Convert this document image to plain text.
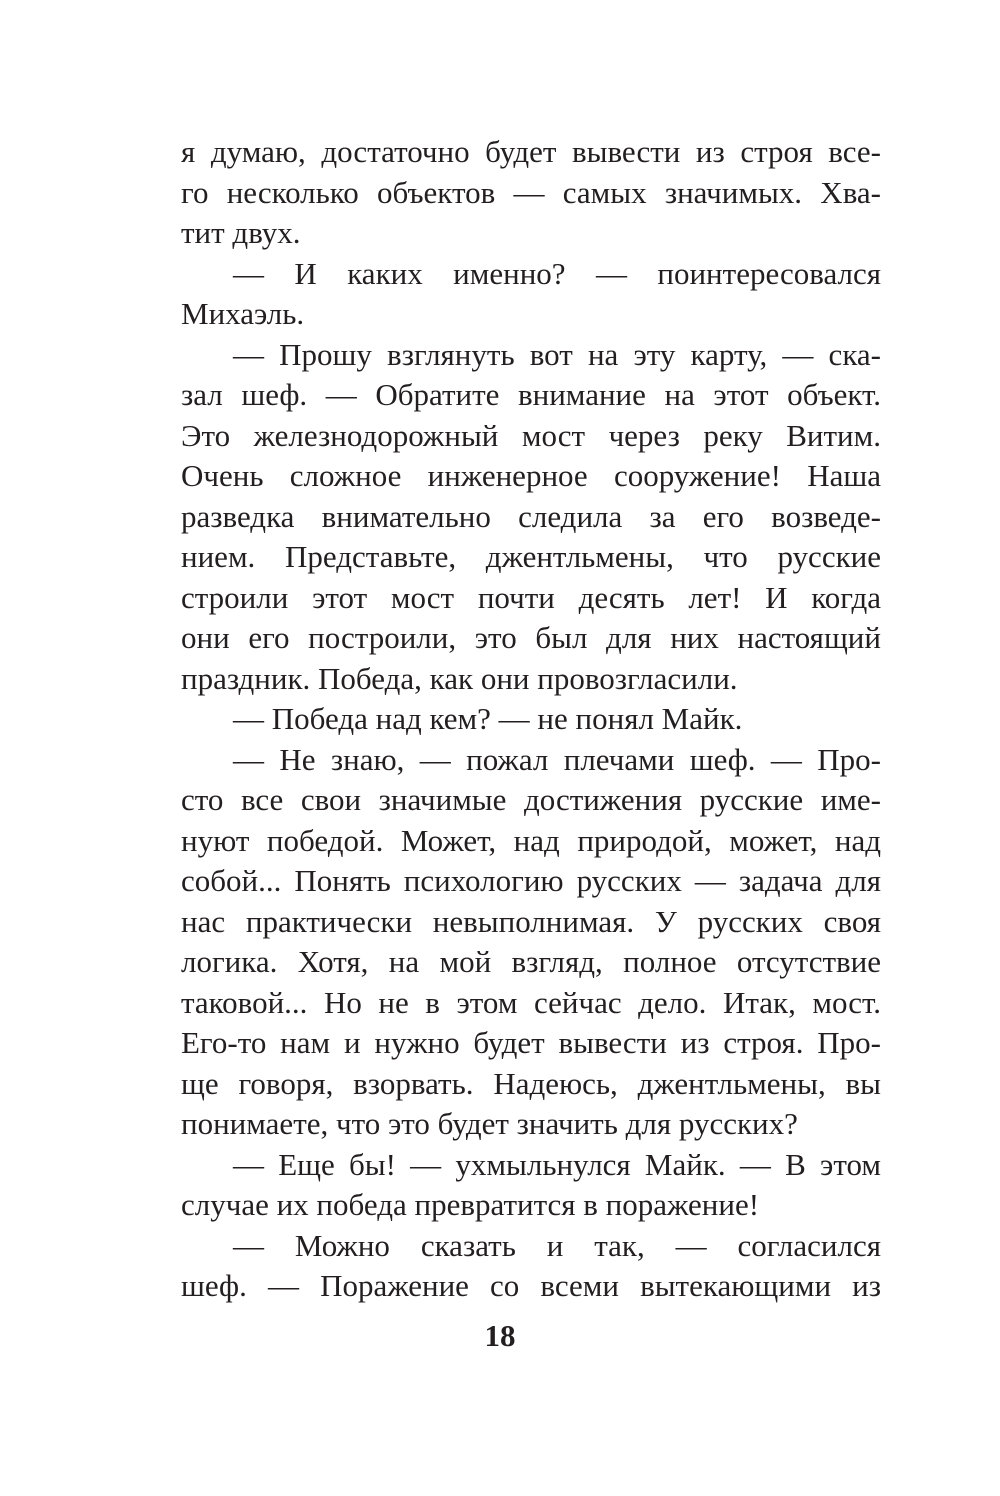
я думаю, достаточно будет вывести из строя все-
го несколько объектов — самых значимых. Хва-
тит двух.
— И каких именно? — поинтересовался
Михаэль.
— Прошу взглянуть вот на эту карту, — ска-
зал шеф. — Обратите внимание на этот объект.
Это железнодорожный мост через реку Витим.
Очень сложное инженерное сооружение! Наша
разведка внимательно следила за его возведе-
нием. Представьте, джентльмены, что русские
строили этот мост почти десять лет! И когда
они его построили, это был для них настоящий
праздник. Победа, как они провозгласили.
— Победа над кем? — не понял Майк.
— Не знаю, — пожал плечами шеф. — Про-
сто все свои значимые достижения русские име-
нуют победой. Может, над природой, может, над
собой... Понять психологию русских — задача для
нас практически невыполнимая. У русских своя
логика. Хотя, на мой взгляд, полное отсутствие
таковой... Но не в этом сейчас дело. Итак, мост.
Его-то нам и нужно будет вывести из строя. Про-
ще говоря, взорвать. Надеюсь, джентльмены, вы
понимаете, что это будет значить для русских?
— Еще бы! — ухмыльнулся Майк. — В этом
случае их победа превратится в поражение!
— Можно сказать и так, — согласился
шеф. — Поражение со всеми вытекающими из
18
